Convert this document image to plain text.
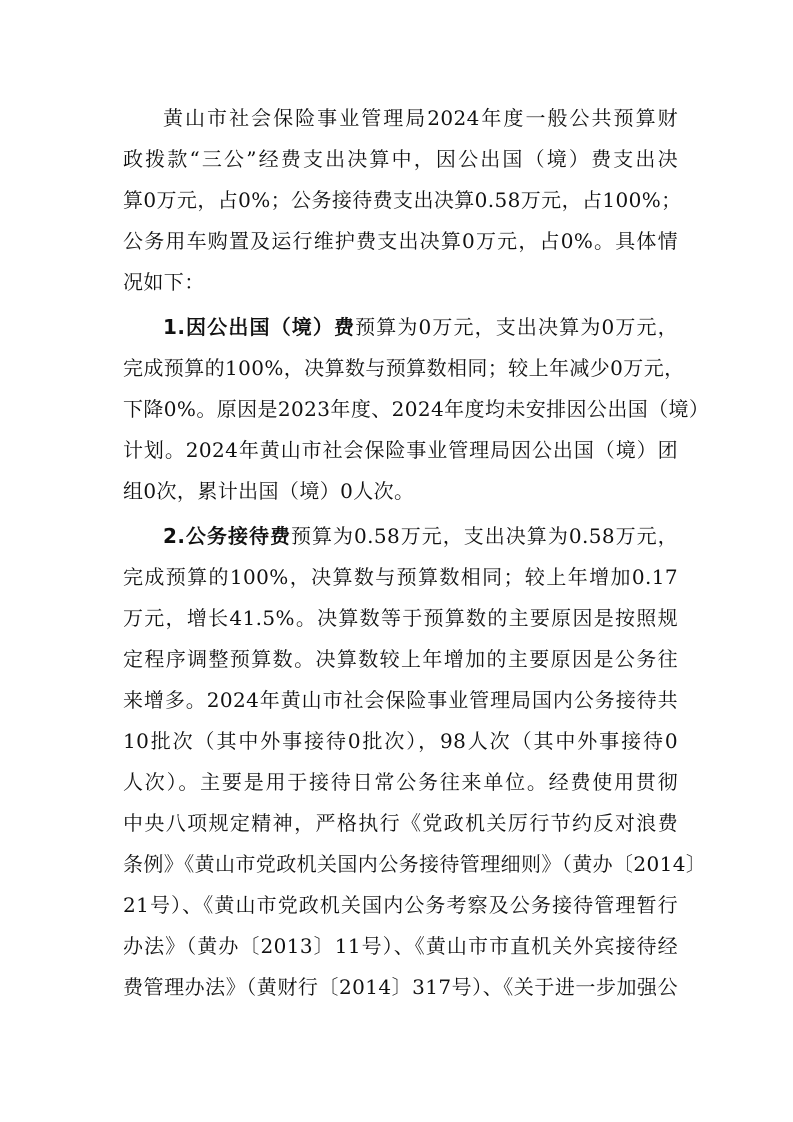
黄山市社会保险事业管理局2024年度一般公共预算财
政拨款“三公”经费支出决算中，因公出国（境）费支出决
算0万元，占0%；公务接待费支出决算0.58万元，占100%；
公务用车购置及运行维护费支出决算0万元，占0%。具体情
况如下：
1.因公出国（境）费预算为0万元，支出决算为0万元，
完成预算的100%，决算数与预算数相同；较上年减少0万元，
下降0%。原因是2023年度、2024年度均未安排因公出国（境）
计划。2024年黄山市社会保险事业管理局因公出国（境）团
组0次，累计出国（境）0人次。
2.公务接待费预算为0.58万元，支出决算为0.58万元，
完成预算的100%，决算数与预算数相同；较上年增加0.17
万元，增长41.5%。决算数等于预算数的主要原因是按照规
定程序调整预算数。决算数较上年增加的主要原因是公务往
来增多。2024年黄山市社会保险事业管理局国内公务接待共
10批次（其中外事接待0批次），98人次（其中外事接待0
人次）。主要是用于接待日常公务往来单位。经费使用贯彻
中央八项规定精神，严格执行《党政机关厉行节约反对浪费
条例》《黄山市党政机关国内公务接待管理细则》（黄办〔2014〕
21号）、《黄山市党政机关国内公务考察及公务接待管理暂行
办法》（黄办〔2013〕11号）、《黄山市市直机关外宾接待经
费管理办法》（黄财行〔2014〕317号）、《关于进一步加强公
